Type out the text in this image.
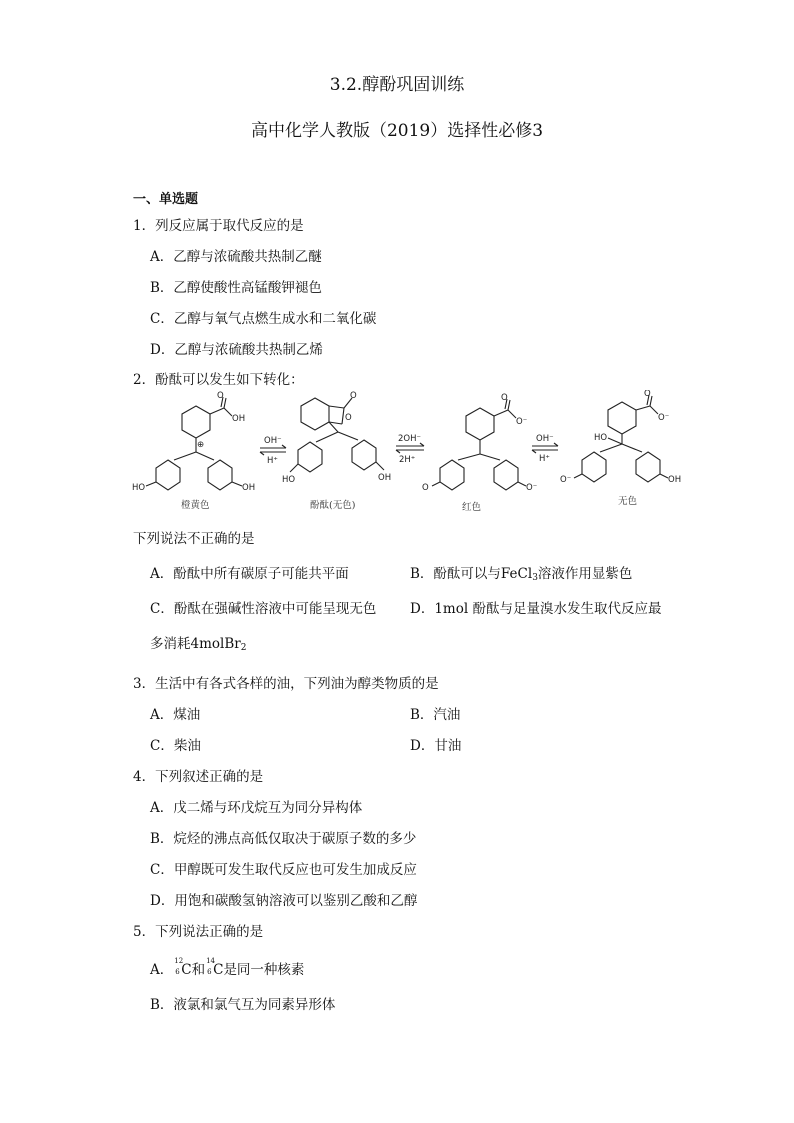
3.2.醇酚巩固训练
高中化学人教版（2019）选择性必修3
一、单选题
1．列反应属于取代反应的是
A．乙醇与浓硫酸共热制乙醚
B．乙醇使酸性高锰酸钾褪色
C．乙醇与氧气点燃生成水和二氧化碳
D．乙醇与浓硫酸共热制乙烯
2．酚酞可以发生如下转化：
O
OH
⊕
HO	OH
橙黄色
OH⁻
H⁺
O
O
HO	OH
酚酞(无色)
2OH⁻
2H⁺
O
O⁻
O	O⁻
红色
OH⁻
H⁺
O
O⁻
HO
O⁻	OH
无色
下列说法不正确的是
A．酚酞中所有碳原子可能共平面	B．酚酞可以与FeCl$_3$溶液作用显紫色
C．酚酞在强碱性溶液中可能呈现无色 D．1mol 酚酞与足量溴水发生取代反应最
多消耗4molBr$_2$
3．生活中有各式各样的油，下列油为醇类物质的是
A．煤油	B．汽油
C．柴油	D．甘油
4．下列叙述正确的是
A．戊二烯与环戊烷互为同分异构体
B．烷烃的沸点高低仅取决于碳原子数的多少
C．甲醇既可发生取代反应也可发生加成反应
D．用饱和碳酸氢钠溶液可以鉴别乙酸和乙醇
5．下列说法正确的是
A．
12
6 C和
14
6 C是同一种核素
B．液氯和氯气互为同素异形体
